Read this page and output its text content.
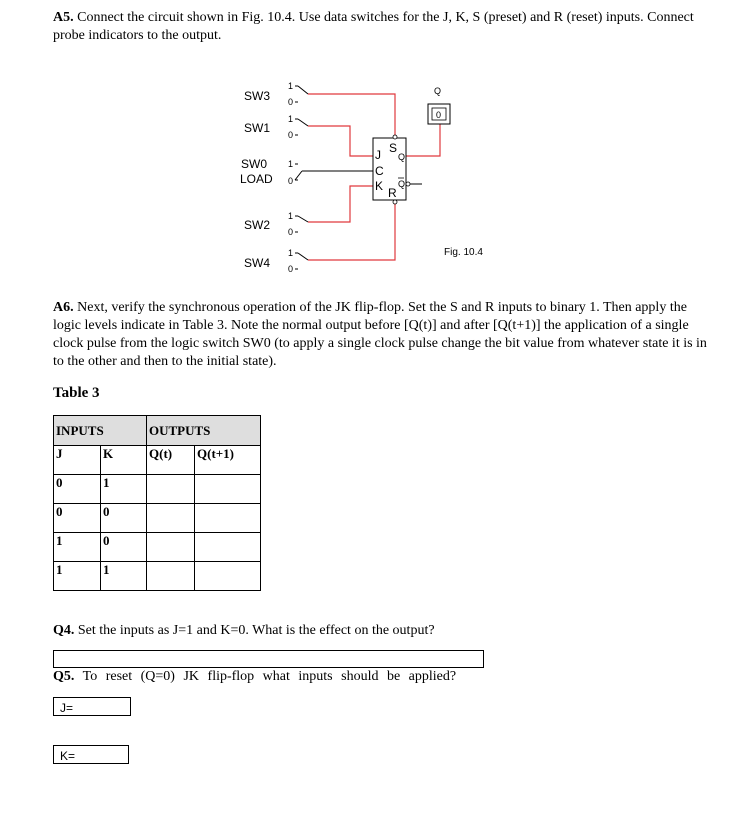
A5. Connect the circuit shown in Fig. 10.4. Use data switches for the J, K, S (preset) and R (reset) inputs. Connect probe indicators to the output.
SW3
SW1
SW0
LOAD
SW2
SW4
1
0
1
0
1
0
1
0
1
0
J S
C
K R
Q
Q
Q
0
Fig. 10.4
A6. Next, verify the synchronous operation of the JK flip-flop. Set the S and R inputs to binary 1. Then apply the logic levels indicate in Table 3. Note the normal output before [Q(t)] and after [Q(t+1)] the application of a single clock pulse from the logic switch SW0 (to apply a single clock pulse change the bit value from whatever state it is in to the other and then to the initial state).
Table 3
INPUTS		OUTPUTS	
J	K	Q(t)	Q(t+1)
0	1		
0	0		
1	0		
1	1		
Q4. Set the inputs as J=1 and K=0. What is the effect on the output?
Q5. To reset (Q=0) JK flip-flop what inputs should be applied?
J=
K=
